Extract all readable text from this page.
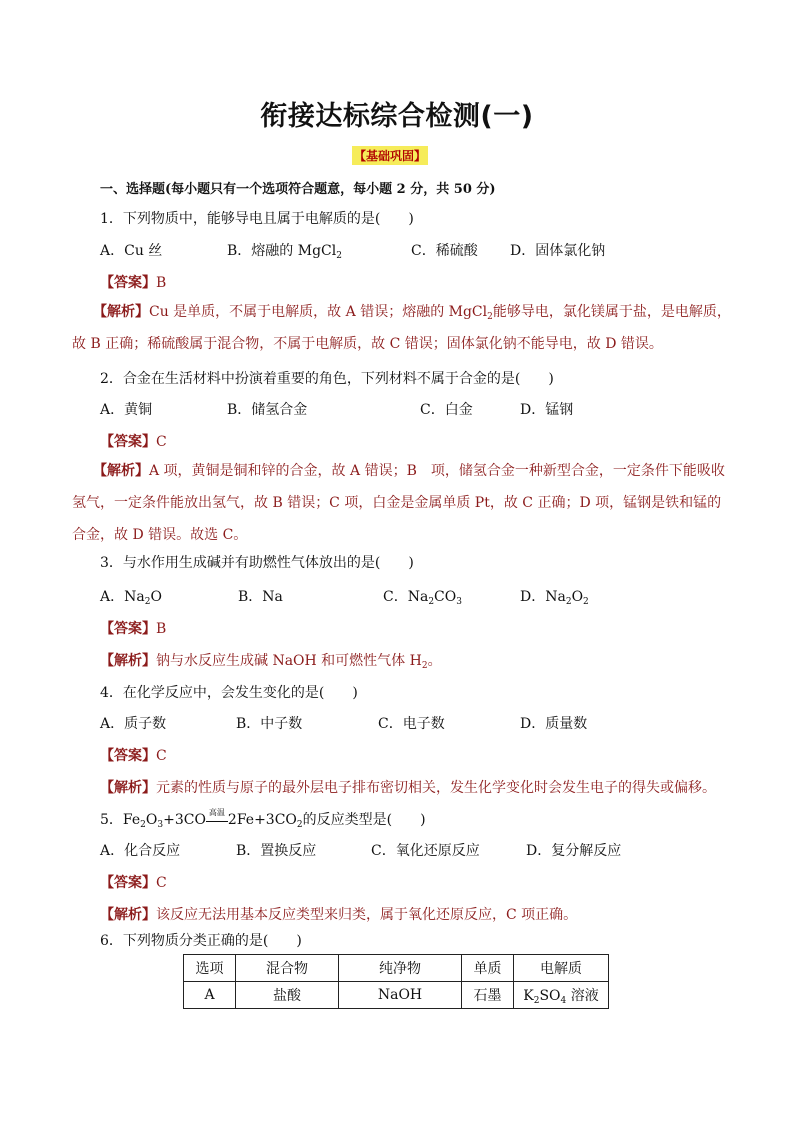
衔接达标综合检测(一)
【基础巩固】
一、选择题(每小题只有一个选项符合题意，每小题 2 分，共 50 分)
1．下列物质中，能够导电且属于电解质的是(　　)
A．Cu 丝	B．熔融的 MgCl$_2$	C．稀硫酸 D．固体氯化钠
【答案】B
　　【解析】Cu 是单质，不属于电解质，故 A 错误；熔融的 MgCl$_2$能够导电，氯化镁属于盐，是电解质，故 B 正确；稀硫酸属于混合物，不属于电解质，故 C 错误；固体氯化钠不能导电，故 D 错误。
2．合金在生活材料中扮演着重要的角色，下列材料不属于合金的是(　　)
A．黄铜	B．储氢合金	C．白金	D．锰钢
【答案】C
　　【解析】A 项，黄铜是铜和锌的合金，故 A 错误；B　项，储氢合金一种新型合金，一定条件下能吸收氢气，一定条件能放出氢气，故 B 错误；C 项，白金是金属单质 Pt，故 C 正确；D 项，锰钢是铁和锰的合金，故 D 错误。故选 C。
3．与水作用生成碱并有助燃性气体放出的是(　　)
A．$Na_2O$	B．Na	C．$Na_2CO_3$	D．$Na_2O_2$
【答案】B
【解析】钠与水反应生成碱 NaOH 和可燃性气体 $H_2$。
4．在化学反应中，会发生变化的是(　　)
A．质子数	B．中子数	C．电子数	D．质量数
【答案】C
【解析】元素的性质与原子的最外层电子排布密切相关，发生化学变化时会发生电子的得失或偏移。
5．$Fe_2O_3+3CO$ 高温 $2Fe+3CO_2$的反应类型是(　　)
A．化合反应	B．置换反应	C．氧化还原反应	D．复分解反应
【答案】C
【解析】该反应无法用基本反应类型来归类，属于氧化还原反应，C 项正确。
6．下列物质分类正确的是(　　)
选项	混合物	纯净物	单质	电解质
A	盐酸	NaOH	石墨	$K_2SO_4$ 溶液
